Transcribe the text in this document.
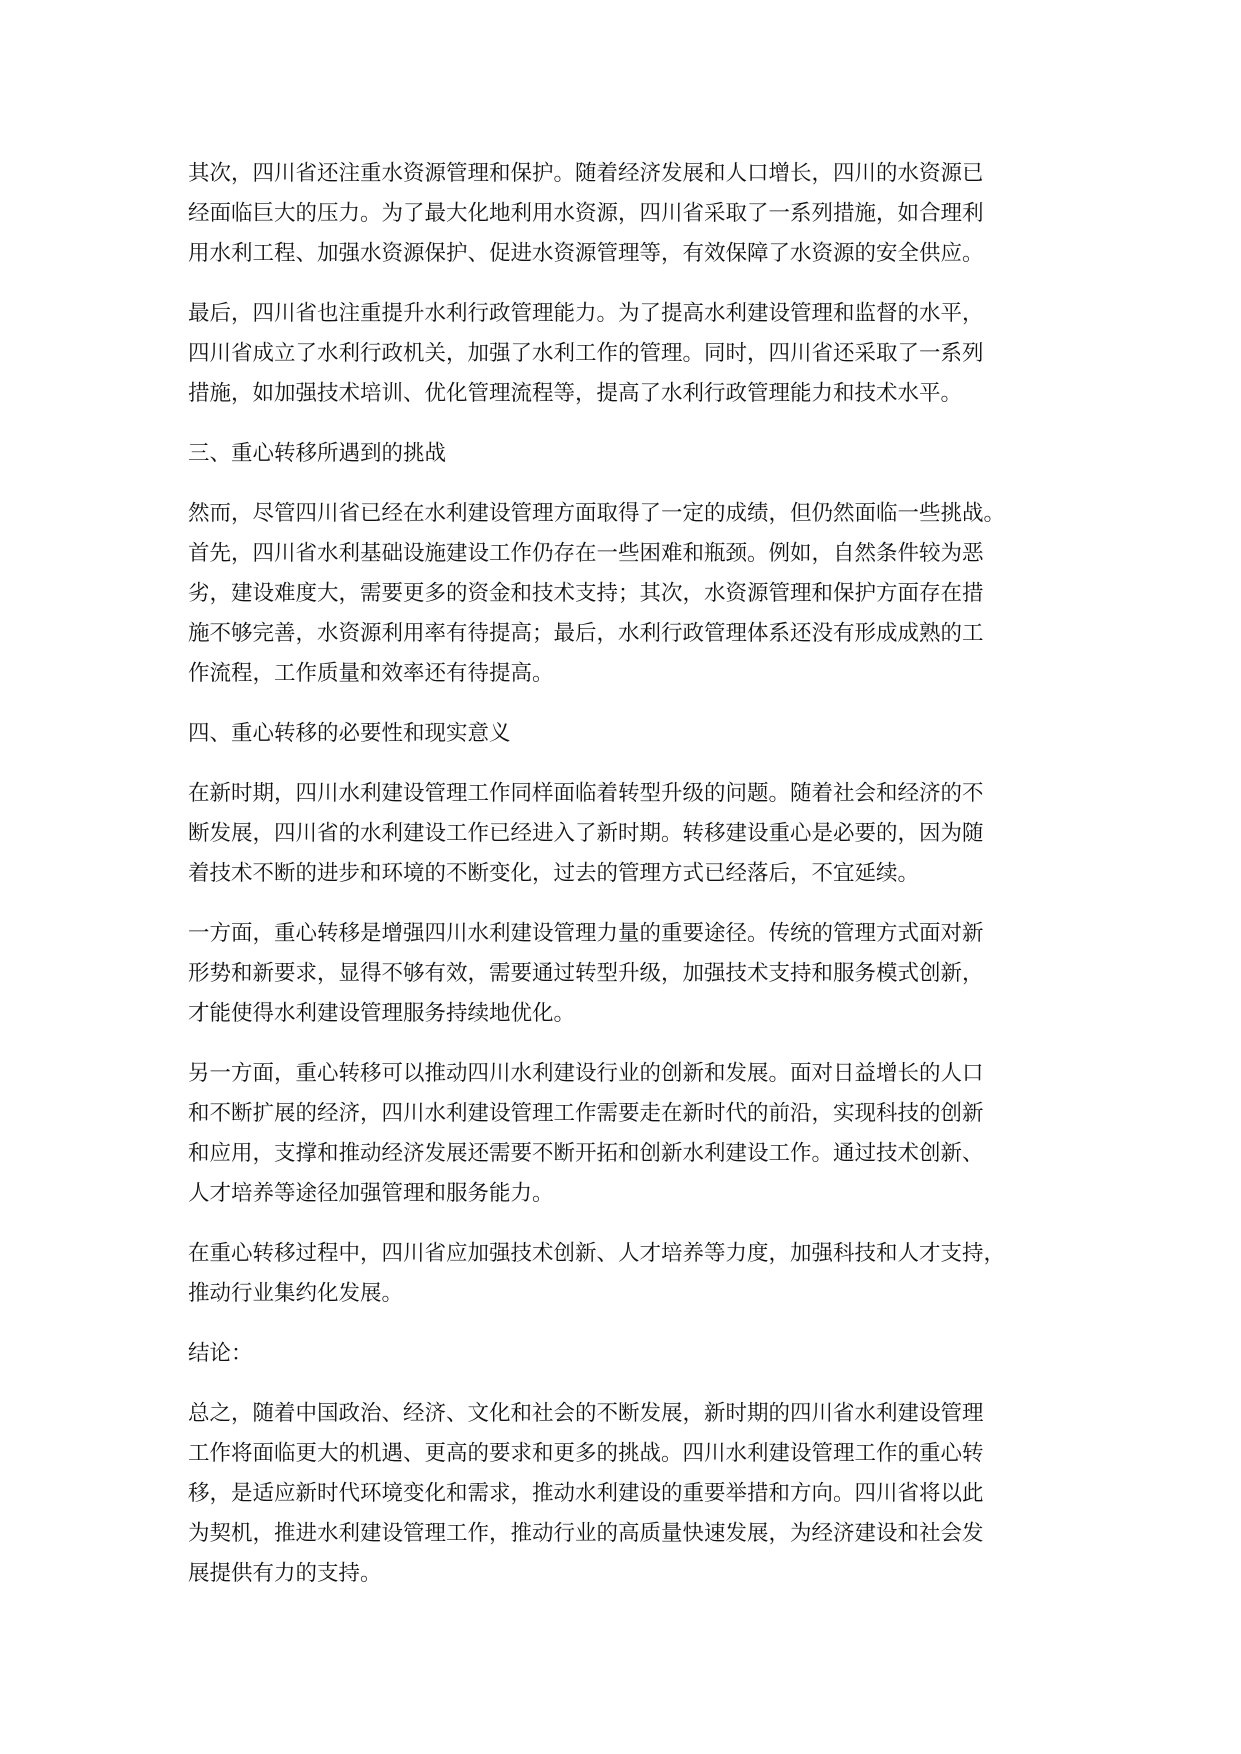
其次，四川省还注重水资源管理和保护。随着经济发展和人口增长，四川的水资源已
经面临巨大的压力。为了最大化地利用水资源，四川省采取了一系列措施，如合理利
用水利工程、加强水资源保护、促进水资源管理等，有效保障了水资源的安全供应。
最后，四川省也注重提升水利行政管理能力。为了提高水利建设管理和监督的水平，
四川省成立了水利行政机关，加强了水利工作的管理。同时，四川省还采取了一系列
措施，如加强技术培训、优化管理流程等，提高了水利行政管理能力和技术水平。
三、重心转移所遇到的挑战
然而，尽管四川省已经在水利建设管理方面取得了一定的成绩，但仍然面临一些挑战。
首先，四川省水利基础设施建设工作仍存在一些困难和瓶颈。例如，自然条件较为恶
劣，建设难度大，需要更多的资金和技术支持；其次，水资源管理和保护方面存在措
施不够完善，水资源利用率有待提高；最后，水利行政管理体系还没有形成成熟的工
作流程，工作质量和效率还有待提高。
四、重心转移的必要性和现实意义
在新时期，四川水利建设管理工作同样面临着转型升级的问题。随着社会和经济的不
断发展，四川省的水利建设工作已经进入了新时期。转移建设重心是必要的，因为随
着技术不断的进步和环境的不断变化，过去的管理方式已经落后，不宜延续。
一方面，重心转移是增强四川水利建设管理力量的重要途径。传统的管理方式面对新
形势和新要求，显得不够有效，需要通过转型升级，加强技术支持和服务模式创新，
才能使得水利建设管理服务持续地优化。
另一方面，重心转移可以推动四川水利建设行业的创新和发展。面对日益增长的人口
和不断扩展的经济，四川水利建设管理工作需要走在新时代的前沿，实现科技的创新
和应用，支撑和推动经济发展还需要不断开拓和创新水利建设工作。通过技术创新、
人才培养等途径加强管理和服务能力。
在重心转移过程中，四川省应加强技术创新、人才培养等力度，加强科技和人才支持，
推动行业集约化发展。
结论：
总之，随着中国政治、经济、文化和社会的不断发展，新时期的四川省水利建设管理
工作将面临更大的机遇、更高的要求和更多的挑战。四川水利建设管理工作的重心转
移，是适应新时代环境变化和需求，推动水利建设的重要举措和方向。四川省将以此
为契机，推进水利建设管理工作，推动行业的高质量快速发展，为经济建设和社会发
展提供有力的支持。
